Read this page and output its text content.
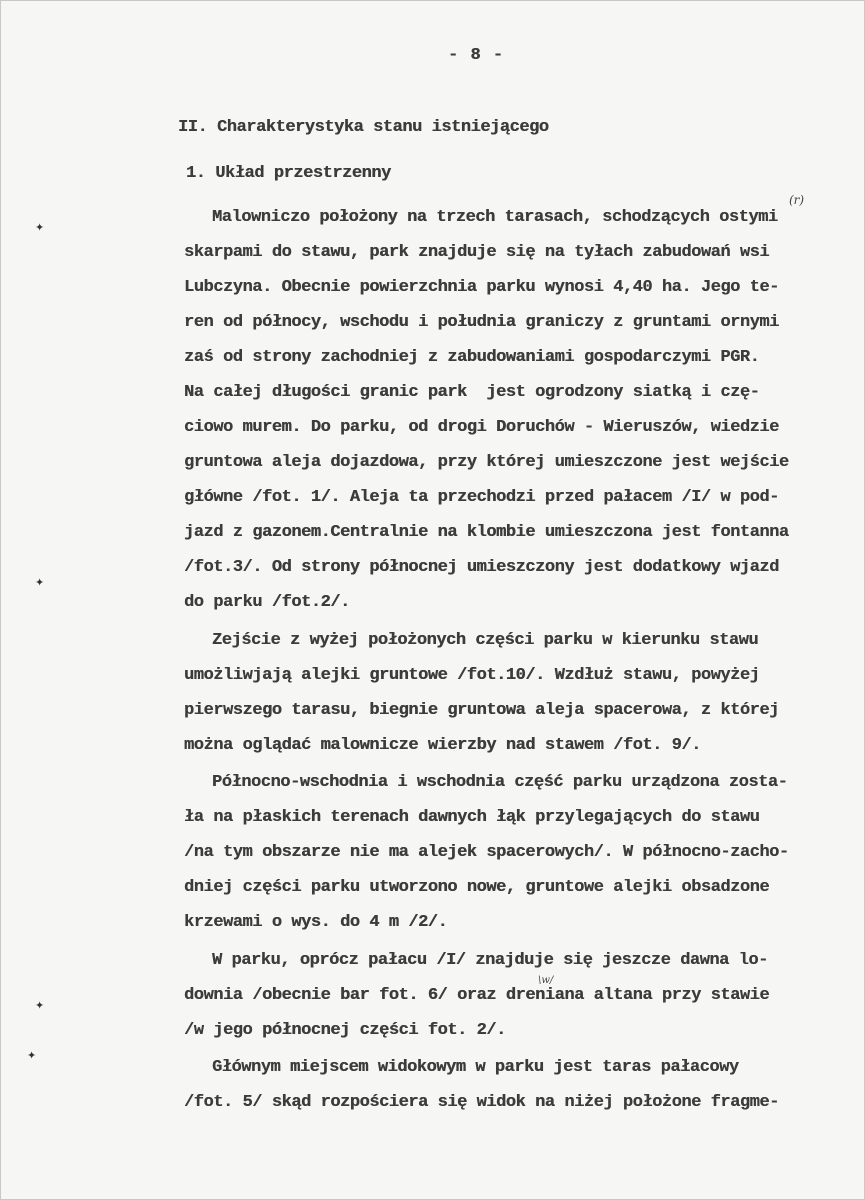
- 8 -
II. Charakterystyka stanu istniejącego
1. Układ przestrzenny
Malowniczo położony na trzech tarasach, schodzących ostymi
skarpami do stawu, park znajduje się na tyłach zabudowań wsi
Lubczyna. Obecnie powierzchnia parku wynosi 4,40 ha. Jego te-
ren od północy, wschodu i południa graniczy z gruntami ornymi
zaś od strony zachodniej z zabudowaniami gospodarczymi PGR.
Na całej długości granic park  jest ogrodzony siatką i czę-
ciowo murem. Do parku, od drogi Doruchów - Wieruszów, wiedzie
gruntowa aleja dojazdowa, przy której umieszczone jest wejście
główne /fot. 1/. Aleja ta przechodzi przed pałacem /I/ w pod-
jazd z gazonem.Centralnie na klombie umieszczona jest fontanna
/fot.3/. Od strony północnej umieszczony jest dodatkowy wjazd
do parku /fot.2/.
Zejście z wyżej położonych części parku w kierunku stawu
umożliwjają alejki gruntowe /fot.10/. Wzdłuż stawu, powyżej
pierwszego tarasu, biegnie gruntowa aleja spacerowa, z której
można oglądać malownicze wierzby nad stawem /fot. 9/.
Północno-wschodnia i wschodnia część parku urządzona zosta-
ła na płaskich terenach dawnych łąk przylegających do stawu
/na tym obszarze nie ma alejek spacerowych/. W północno-zacho-
dniej części parku utworzono nowe, gruntowe alejki obsadzone
krzewami o wys. do 4 m /2/.
W parku, oprócz pałacu /I/ znajduje się jeszcze dawna lo-
downia /obecnie bar fot. 6/ oraz dreniana altana przy stawie
/w jego północnej części fot. 2/.
Głównym miejscem widokowym w parku jest taras pałacowy
/fot. 5/ skąd rozpościera się widok na niżej położone fragme-
(r)
\w/
✦
✦
✦
✦
